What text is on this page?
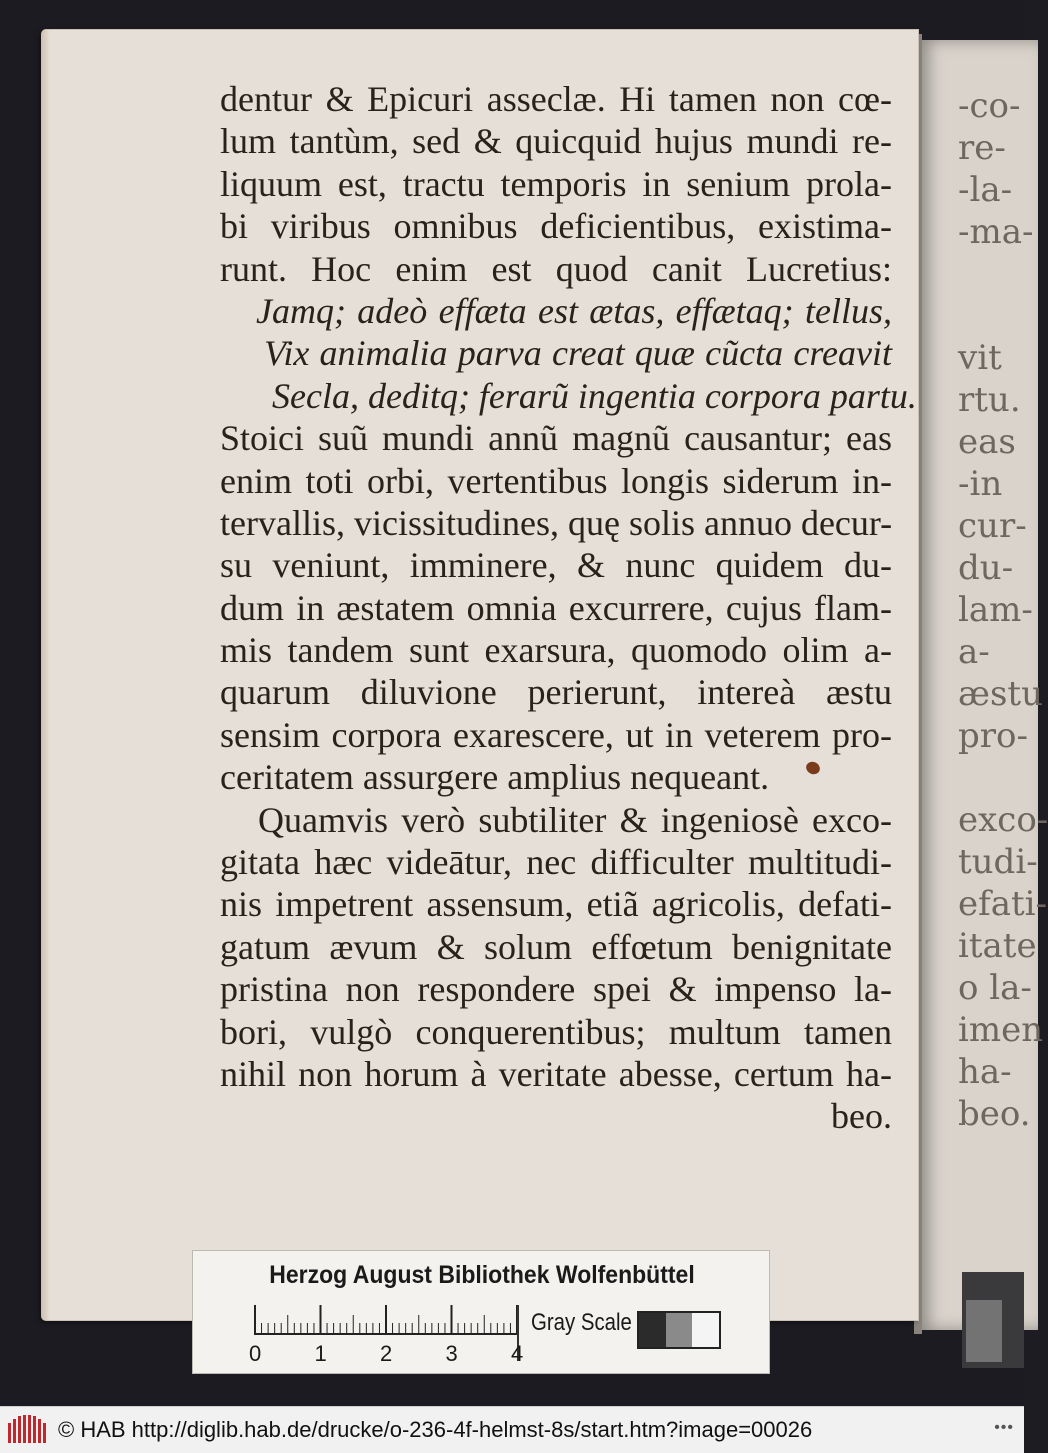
-co-
re-
-la-
-ma-
vit
rtu.
eas
-in
cur-
du-
lam-
a-
æstu
pro-
exco-
tudi-
efati-
itate
o la-
imen
ha-
beo.
dentur & Epicuri asseclæ. Hi tamen non cœ-
lum tantùm, sed & quicquid hujus mundi re-
liquum est, tractu temporis in senium prola-
bi viribus omnibus deficientibus, existima-
runt. Hoc enim est quod canit Lucretius:
Jamq; adeò effæta est ætas, effætaq; tellus,
Vix animalia parva creat quæ cũcta creavit
Secla, deditq; ferarũ ingentia corpora partu.
Stoici suũ mundi annũ magnũ causantur; eas
enim toti orbi, vertentibus longis siderum in-
tervallis, vicissitudines, quę solis annuo decur-
su veniunt, imminere, & nunc quidem du-
dum in æstatem omnia excurrere, cujus flam-
mis tandem sunt exarsura, quomodo olim a-
quarum diluvione perierunt, intereà æstu
sensim corpora exarescere, ut in veterem pro-
ceritatem assurgere amplius nequeant.
Quamvis verò subtiliter & ingeniosè exco-
gitata hæc videātur, nec difficulter multitudi-
nis impetrent assensum, etiã agricolis, defati-
gatum ævum & solum effœtum benignitate
pristina non respondere spei & impenso la-
bori, vulgò conquerentibus; multum tamen
nihil non horum à veritate abesse, certum ha-
beo.
Herzog August Bibliothek Wolfenbüttel
0 1 2 3 4
Gray Scale
© HAB http://diglib.hab.de/drucke/o-236-4f-helmst-8s/start.htm?image=00026	•••
